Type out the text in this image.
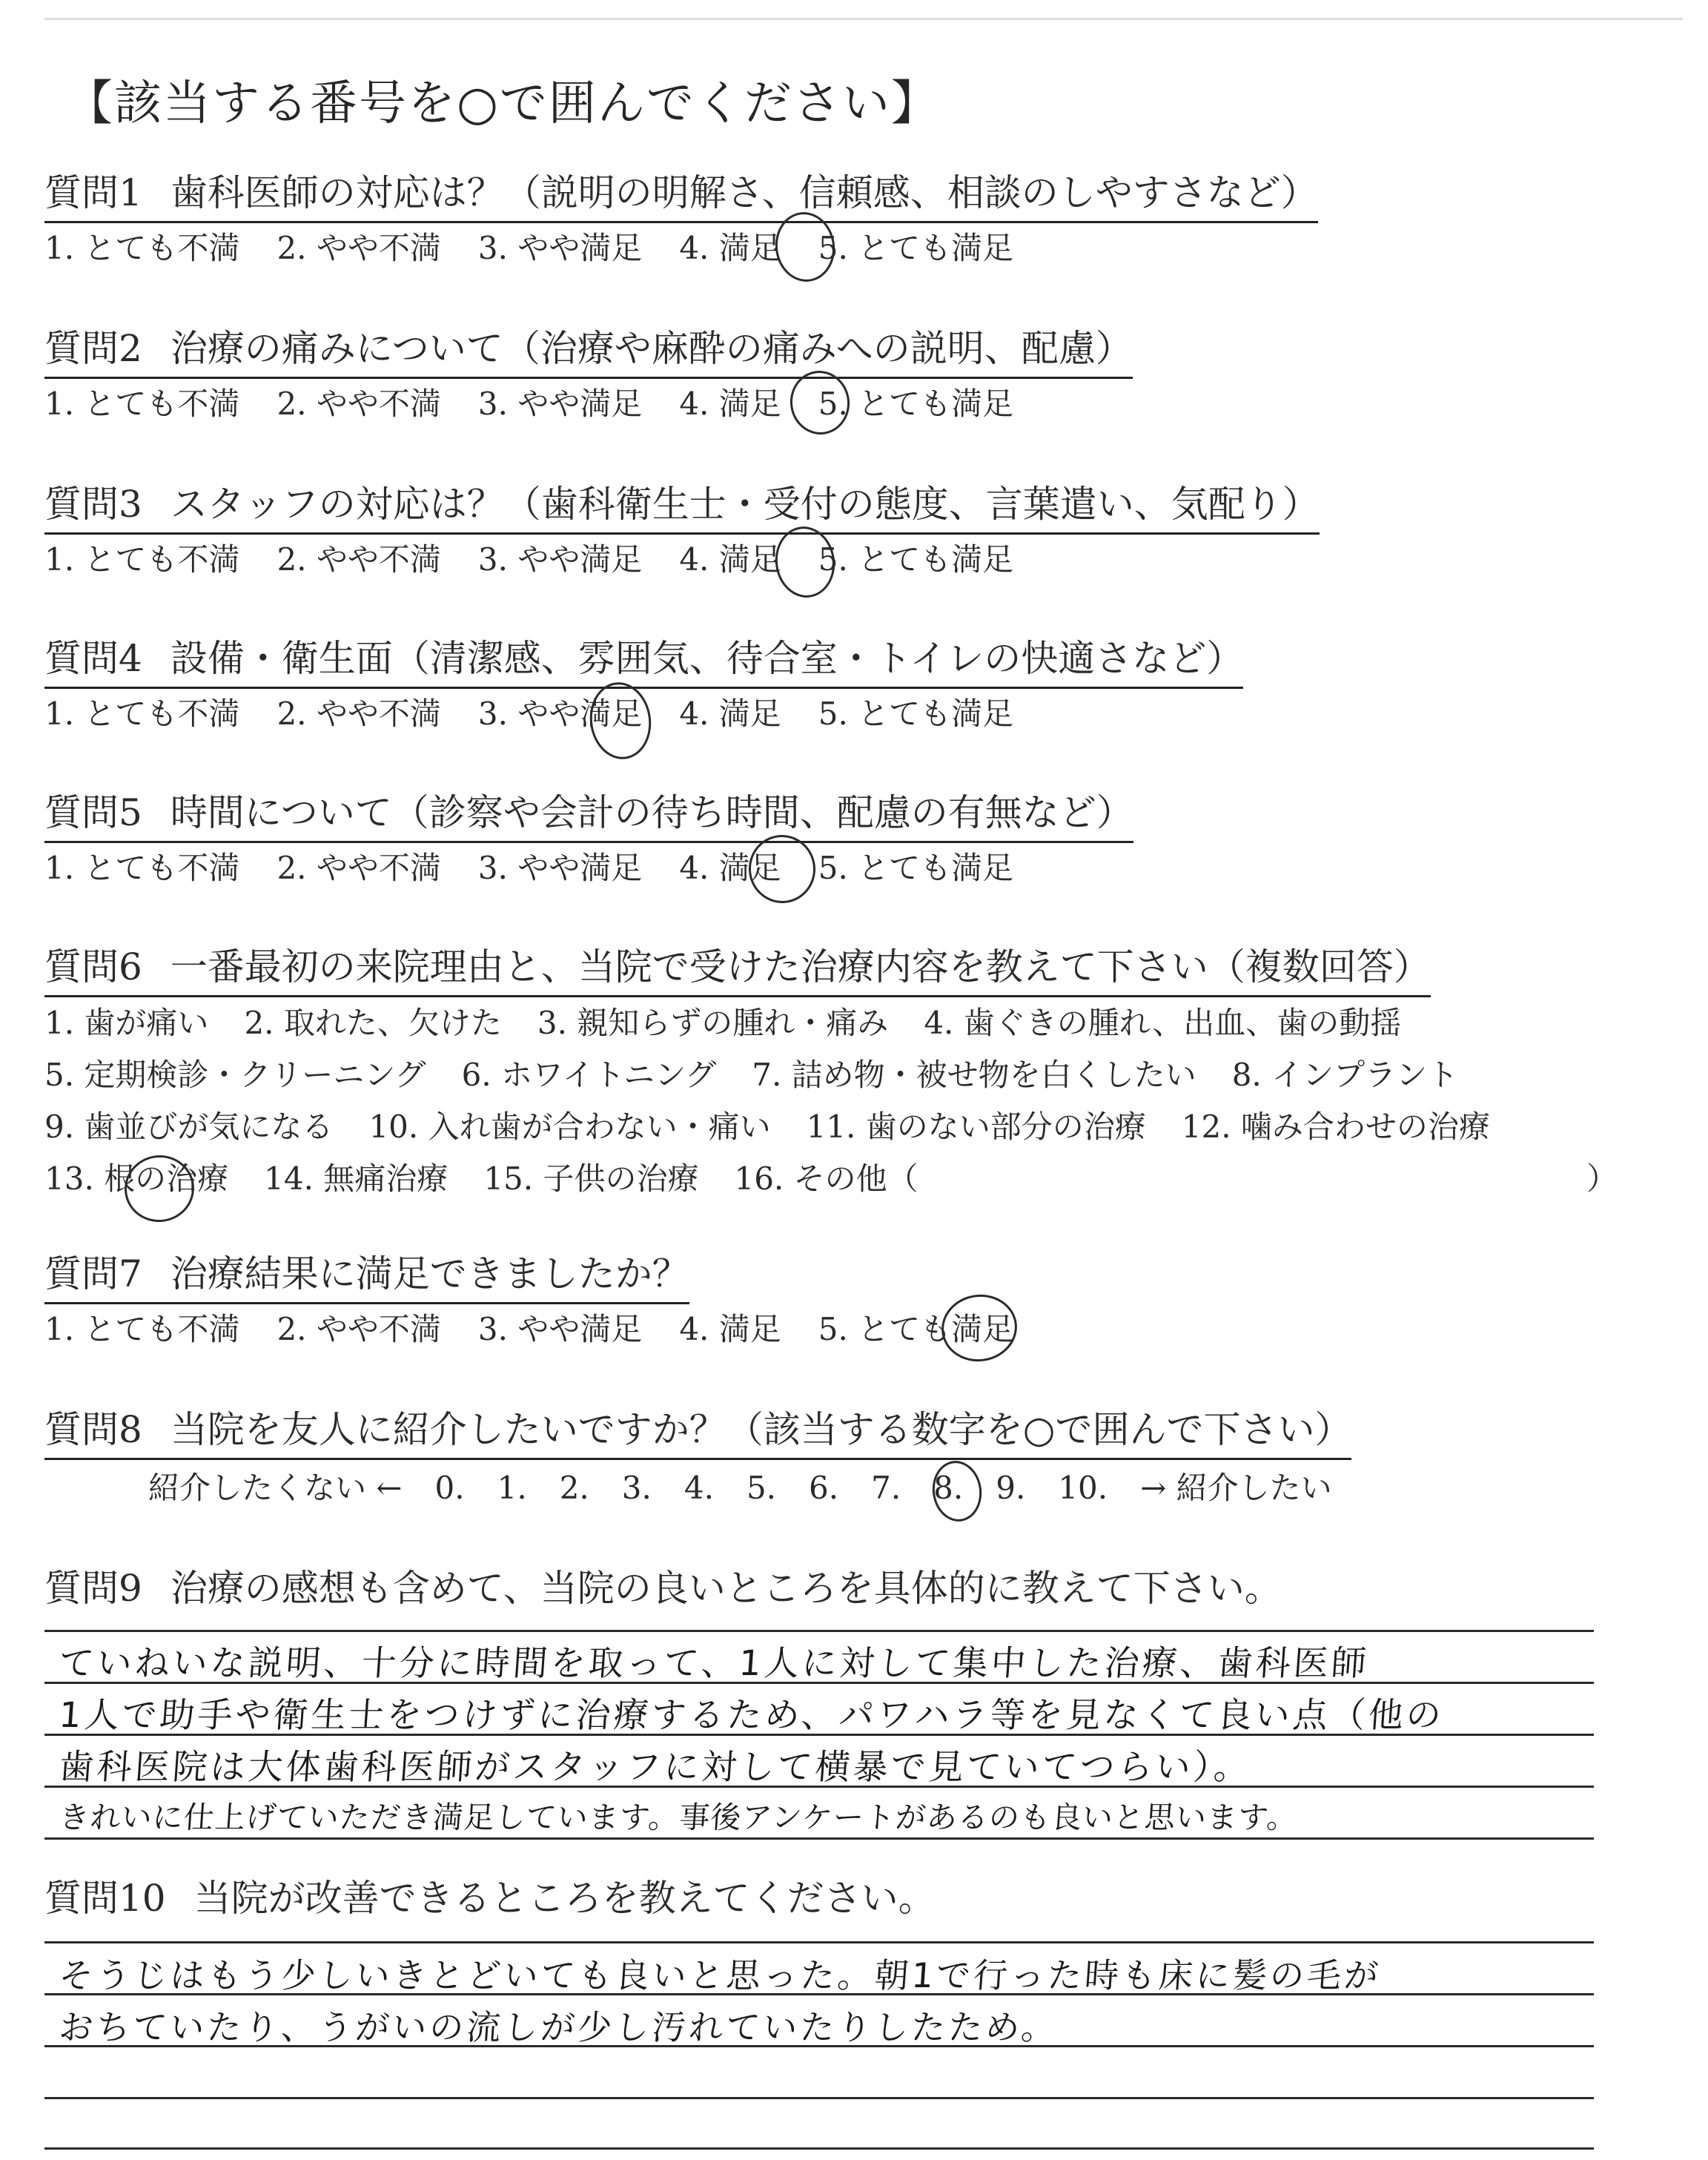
【該当する番号を○で囲んでください】
質問1 歯科医師の対応は？（説明の明解さ、信頼感、相談のしやすさなど）
1. とても不満 2. やや不満 3. やや満足 4. 満足 5. とても満足
質問2 治療の痛みについて（治療や麻酔の痛みへの説明、配慮）
1. とても不満 2. やや不満 3. やや満足 4. 満足 5. とても満足
質問3 スタッフの対応は？（歯科衛生士・受付の態度、言葉遣い、気配り）
1. とても不満 2. やや不満 3. やや満足 4. 満足 5. とても満足
質問4 設備・衛生面（清潔感、雰囲気、待合室・トイレの快適さなど）
1. とても不満 2. やや不満 3. やや満足 4. 満足 5. とても満足
質問5 時間について（診察や会計の待ち時間、配慮の有無など）
1. とても不満 2. やや不満 3. やや満足 4. 満足 5. とても満足
質問6 一番最初の来院理由と、当院で受けた治療内容を教えて下さい（複数回答）
1. 歯が痛い 2. 取れた、欠けた 3. 親知らずの腫れ・痛み 4. 歯ぐきの腫れ、出血、歯の動揺
5. 定期検診・クリーニング 6. ホワイトニング 7. 詰め物・被せ物を白くしたい 8. インプラント
9. 歯並びが気になる 10. 入れ歯が合わない・痛い 11. 歯のない部分の治療 12. 噛み合わせの治療
13. 根の治療 14. 無痛治療 15. 子供の治療 16. その他（	）
質問7 治療結果に満足できましたか？
1. とても不満 2. やや不満 3. やや満足 4. 満足 5. とても満足
質問8 当院を友人に紹介したいですか？（該当する数字を○で囲んで下さい）
紹介したくない ← 0. 1. 2. 3. 4. 5. 6. 7. 8. 9. 10. → 紹介したい
質問9 治療の感想も含めて、当院の良いところを具体的に教えて下さい。
ていねいな説明、十分に時間を取って、1人に対して集中した治療、歯科医師
1人で助手や衛生士をつけずに治療するため、パワハラ等を見なくて良い点（他の
歯科医院は大体歯科医師がスタッフに対して横暴で見ていてつらい）。
きれいに仕上げていただき満足しています。事後アンケートがあるのも良いと思います。
質問10 当院が改善できるところを教えてください。
そうじはもう少しいきとどいても良いと思った。朝1で行った時も床に髪の毛が
おちていたり、うがいの流しが少し汚れていたりしたため。
